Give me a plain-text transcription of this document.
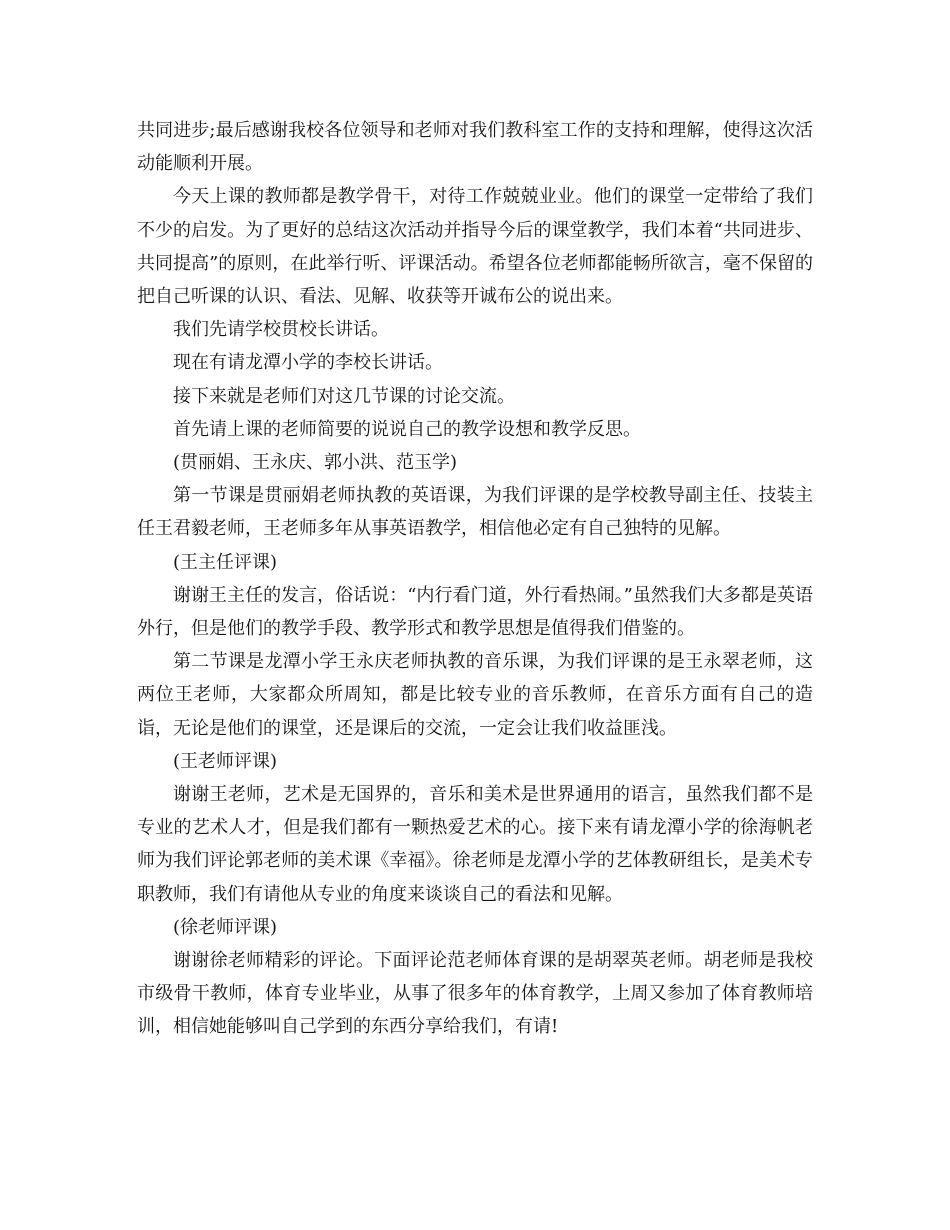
共同进步;最后感谢我校各位领导和老师对我们教科室工作的支持和理解，使得这次活动能顺利开展。

今天上课的教师都是教学骨干，对待工作兢兢业业。他们的课堂一定带给了我们不少的启发。为了更好的总结这次活动并指导今后的课堂教学，我们本着“共同进步、共同提高”的原则，在此举行听、评课活动。希望各位老师都能畅所欲言，毫不保留的把自己听课的认识、看法、见解、收获等开诚布公的说出来。

我们先请学校贯校长讲话。

现在有请龙潭小学的李校长讲话。

接下来就是老师们对这几节课的讨论交流。

首先请上课的老师简要的说说自己的教学设想和教学反思。

(贯丽娟、王永庆、郭小洪、范玉学)

第一节课是贯丽娟老师执教的英语课，为我们评课的是学校教导副主任、技装主任王君毅老师，王老师多年从事英语教学，相信他必定有自己独特的见解。

(王主任评课)

谢谢王主任的发言，俗话说：“内行看门道，外行看热闹。”虽然我们大多都是英语外行，但是他们的教学手段、教学形式和教学思想是值得我们借鉴的。

第二节课是龙潭小学王永庆老师执教的音乐课，为我们评课的是王永翠老师，这两位王老师，大家都众所周知，都是比较专业的音乐教师，在音乐方面有自己的造诣，无论是他们的课堂，还是课后的交流，一定会让我们收益匪浅。

(王老师评课)

谢谢王老师，艺术是无国界的，音乐和美术是世界通用的语言，虽然我们都不是专业的艺术人才，但是我们都有一颗热爱艺术的心。接下来有请龙潭小学的徐海帆老师为我们评论郭老师的美术课《幸福》。徐老师是龙潭小学的艺体教研组长，是美术专职教师，我们有请他从专业的角度来谈谈自己的看法和见解。

(徐老师评课)

谢谢徐老师精彩的评论。下面评论范老师体育课的是胡翠英老师。胡老师是我校市级骨干教师，体育专业毕业，从事了很多年的体育教学，上周又参加了体育教师培训，相信她能够叫自己学到的东西分享给我们，有请!
